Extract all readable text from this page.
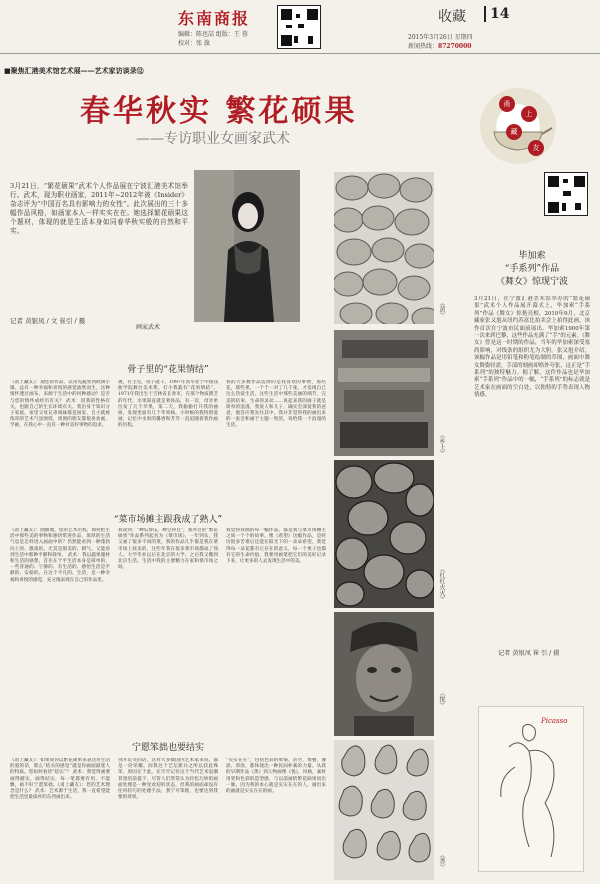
东南商报
编辑：陈也喆 组版：王 蓉
校对：张 旗
收藏	14
2015年3月26日 星期四
新闻热线：87270000
■聚焦汇港美术馆艺术展——艺术家访谈录⑫
春华秋实 繁花硕果
——专访职业女画家武术
3月21日，“繁花硕果”武术个人作品展在宁波汇港美术馆举行。武术，现为职业画家，2011年~2012年被《Insider》杂志评为“中国百名具有影响力的女性”。此次展出的三十多幅作品风格，如画家本人一样实实在在。她选择繁花硕果这个题材，体现的就是生活本身如同春华秋实般的自然和平实。
记者 黄银凤 / 文 崔引 / 摄
画家武术
骨子里的“花果情结”
《甬上藏友》：观您的作品，以常见蔬果到欧洲小镇，总有一种幸福和喜悦的感觉油然而生，这种情怀透过画布，来源于生活中的何种感动？是否与您的情怀或经历有关？ 武术：因我的性格有关，也跟自己的生长环境有关。我出身于知识分子家庭，家里父母兄弟姐妹都是国家，自小就被浓厚的艺术气氛围绕，周围的朋友都很喜欢画，学画，在我心中一直有一种对美好事物的追求。
观，有主见，说干就干。1997年我毕业于中国戏曲学院舞台美术系，打小我就有“花果情结”。1971年我出生于吉林省长春市，在那个物质匮乏的年代，水果简直就是奢侈品，有一次，母亲单位发了几个苹果，第二天，我偷偷打开我的抽屉，发现里面有几个苹果核。小时候的我特别爱画，记忆中水果的馨香和芳芳一直追随着我作画的历程。
我的大多数作品选择的是我喜欢的事物，那些花，那些果，一个于一对了几千张，才发现自己这么热爱生活，这些生活中那些美丽的细节，完美的结束，生命的灵动……说起来我的画子就是简单的浪漫，我爱人和儿子，确实会深爱我的爸爸，他答应我先住其中，我并非觉得我的画出来的一张会和画于主题一致的，说给我一个浪漫的生活。
“菜市场摊主跟我成了熟人”
《甬上藏友》：曲曲地，您的艺术历程，如何把生活中那些美的事物和感悟带进作品，浓厚的生活气息是怎样进入画面中的？仍然能看到一种蓬勃向上的、激荡的、尤其是甜美的、朝气、又能看到生活中那种平静和简单。 武术：我以蔬果题材和生活的感想，首先在于平生活本身是简单的、一些普通的、宁静的、有生活的、感悟生活是平静的、安稳的。在这个平凡的、生活，是一种幸福和喜悦的感觉，充分地表现在自己的作品里。
我说到：“种瓜得瓜，种豆得豆”，我办过的“繁花硕果”作品系列起名为《菜市场》，一年到头，我又画了很多不同的菜，我的作品几乎都是我在菜市场上找来的，这些年我在很多菜市场都成了熟人。大学毕业以后在北京的大学，之后我又搬到北京生活。生活中我的主要精力在家和菜市场之间。
我觉得我画的每一幅作品，都是我与菜市场摊主之间一个个的故事。像《希望》这幅作品，是经历很多苦难后还能在阳光下的一朵朵希望，我觉得每一朵花都有它存在的意义，每一个果子也都有它的生命价值，我要用画笔把它们的美好记录下来，让更多的人去发现生活中的美。
宁愿笨拙也要结实
《甬上藏友》：如果说你以繁花硕果来表达对生活的爱的话，那么“结实的感觉”就是你画面最迷人的特质。您如何看待“结实”？ 武术：我觉得画要画得踏实，画得结实，每一笔都要有用，不能飘，画不好宁愿笨拙。《甬上藏友》：您的艺术理念是什么？ 武术：艺术源于生活，我一直希望能把生活里最质朴的东西画出来。
别开玩笑的话，这对大多数国内艺术家来说，都是一份荣耀。而我这个艺坛新兵之所以获此殊荣，原因在于此。在牢牢记住这个当代艺术思潮背景的前提下，尽管人们常常认为轻松巧妙的画面处理是一种受欢迎的状态，但我的画面却没有任何轻巧的处理手法，我宁可笨拙，也要达到我要的效果。
“实实在在”，包括色彩的晕染，甚至，堆叠，薄涂，厚涂，都体现出一种民间朴素的力量。从我的早期作品《黄》到人物画像《悦》，风格，素材用笔和色彩的造型感，与以前画的繁花硕果同出一脉。因为我的本心就是实实在在的人，画出来的画就是实实在在的画。
《黄》
《乡土》
《红红火火》
《悦》
《香》
甬
上
藏
友
毕加索
“手系列”作品
《舞女》惊现宁波
3月21日，在宁波汇港美术馆举办的“繁花硕果”武术个人作品展开幕式上，毕加索“手系列”作品《舞女》惊艳亮相。2010年9月，北京藏家张又旭从纽约苏富比拍卖会上拍得此画，该作首次在宁波市民面前展出。毕加索1900年第一次来到巴黎，这些作品充满了“手”的元素。《舞女》曾是这一时期的作品，当年的毕加索深受塞尚影响，对线条的组织尤为大胆。张又旭介绍，该幅作品是用铅笔和粉笔绘制的草图，画面中舞女舞姿轻盈，手部的刻画却格外夸张，这正是“手系列”的独特魅力。据了解，这件作品也是毕加索“手系列”作品中的一幅，“手系列”的标志就是艺术家在画面的空白处，以独特的手势表现人物情感。
记者 黄银凤 崔 引 / 摄
Picasso
